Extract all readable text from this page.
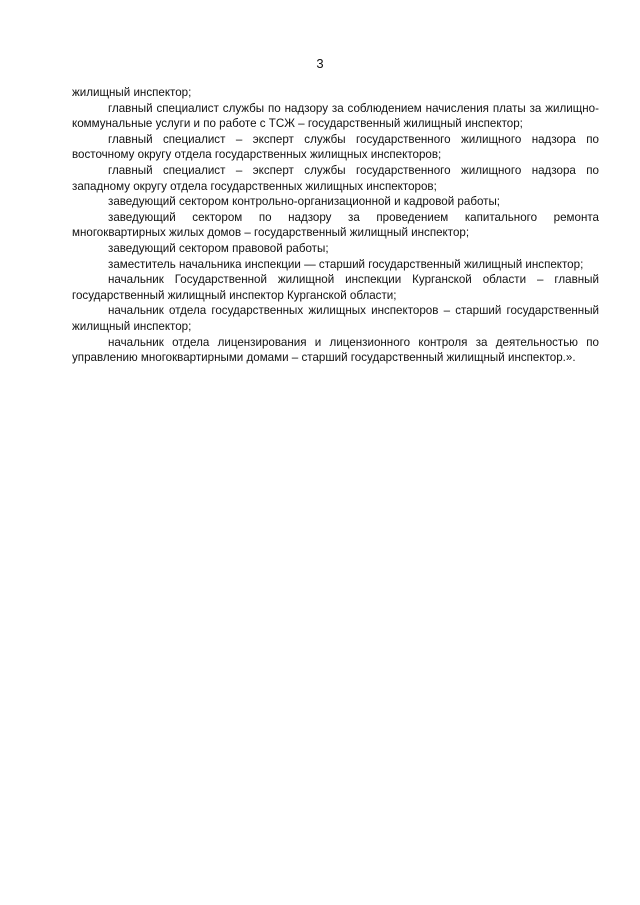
3

жилищный инспектор;

главный специалист службы по надзору за соблюдением начисления платы за жилищно-коммунальные услуги и по работе с ТСЖ – государственный жилищный инспектор;

главный специалист – эксперт службы государственного жилищного надзора по восточному округу отдела государственных жилищных инспекторов;

главный специалист – эксперт службы государственного жилищного надзора по западному округу отдела государственных жилищных инспекторов;

заведующий сектором контрольно-организационной и кадровой работы;

заведующий сектором по надзору за проведением капитального ремонта многоквартирных жилых домов – государственный жилищный инспектор;

заведующий сектором правовой работы;

заместитель начальника инспекции — старший государственный жилищный инспектор;

начальник Государственной жилищной инспекции Курганской области – главный государственный жилищный инспектор Курганской области;

начальник отдела государственных жилищных инспекторов – старший государственный жилищный инспектор;

начальник отдела лицензирования и лицензионного контроля за деятельностью по управлению многоквартирными домами – старший государственный жилищный инспектор.».
